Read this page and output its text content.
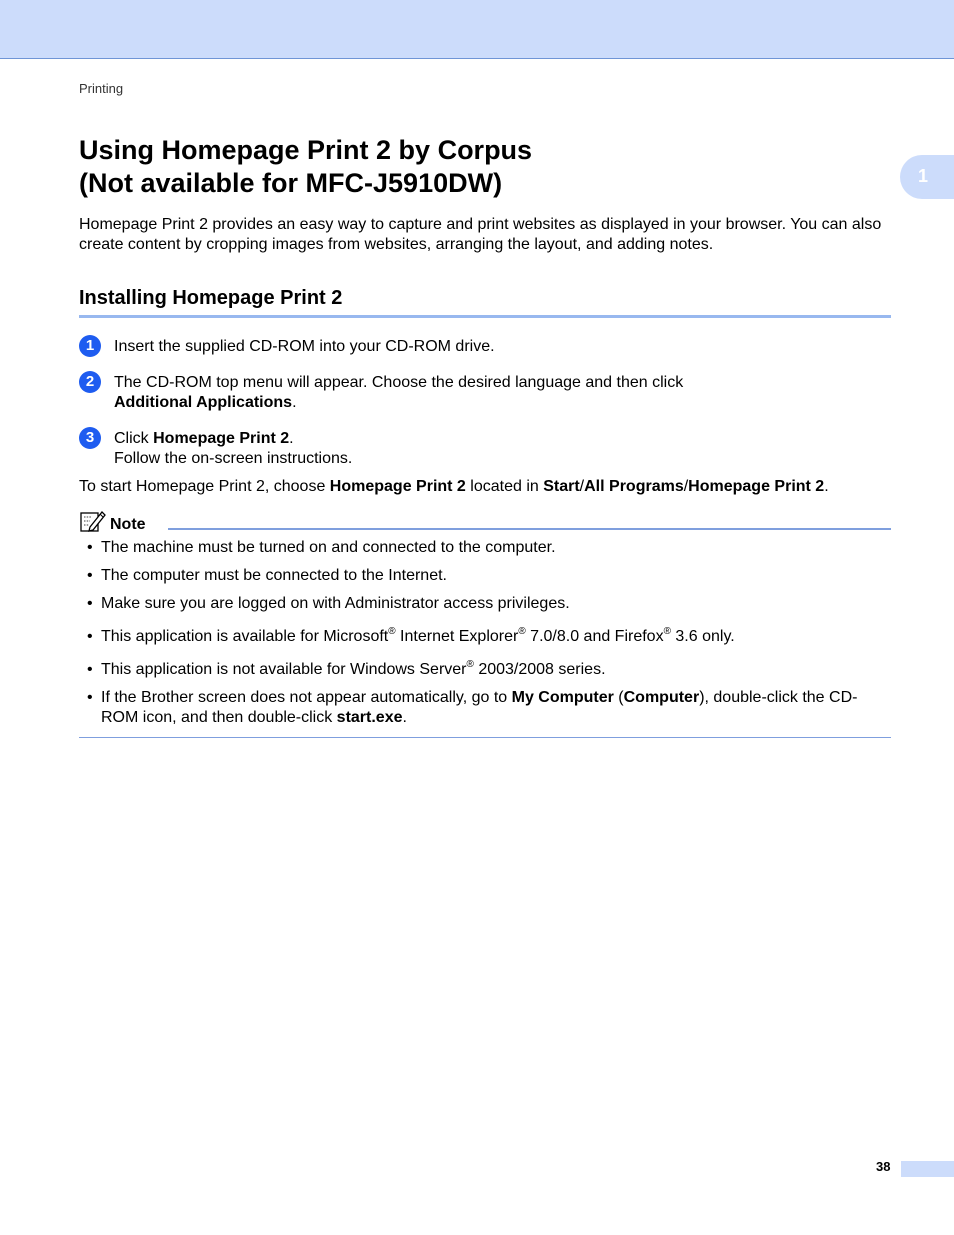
Printing
1
Using Homepage Print 2 by Corpus
(Not available for MFC-J5910DW)

Homepage Print 2 provides an easy way to capture and print websites as displayed in your browser. You can also create content by cropping images from websites, arranging the layout, and adding notes.

Installing Homepage Print 2
1	Insert the supplied CD-ROM into your CD-ROM drive.
2	The CD-ROM top menu will appear. Choose the desired language and then click
Additional Applications.
3	Click Homepage Print 2.
Follow the on-screen instructions.
To start Homepage Print 2, choose Homepage Print 2 located in Start/All Programs/Homepage Print 2.
Note
• The machine must be turned on and connected to the computer.
• The computer must be connected to the Internet.
• Make sure you are logged on with Administrator access privileges.
• This application is available for Microsoft® Internet Explorer® 7.0/8.0 and Firefox® 3.6 only.
• This application is not available for Windows Server® 2003/2008 series.
• If the Brother screen does not appear automatically, go to My Computer (Computer), double-click the CD-ROM icon, and then double-click start.exe.
38
